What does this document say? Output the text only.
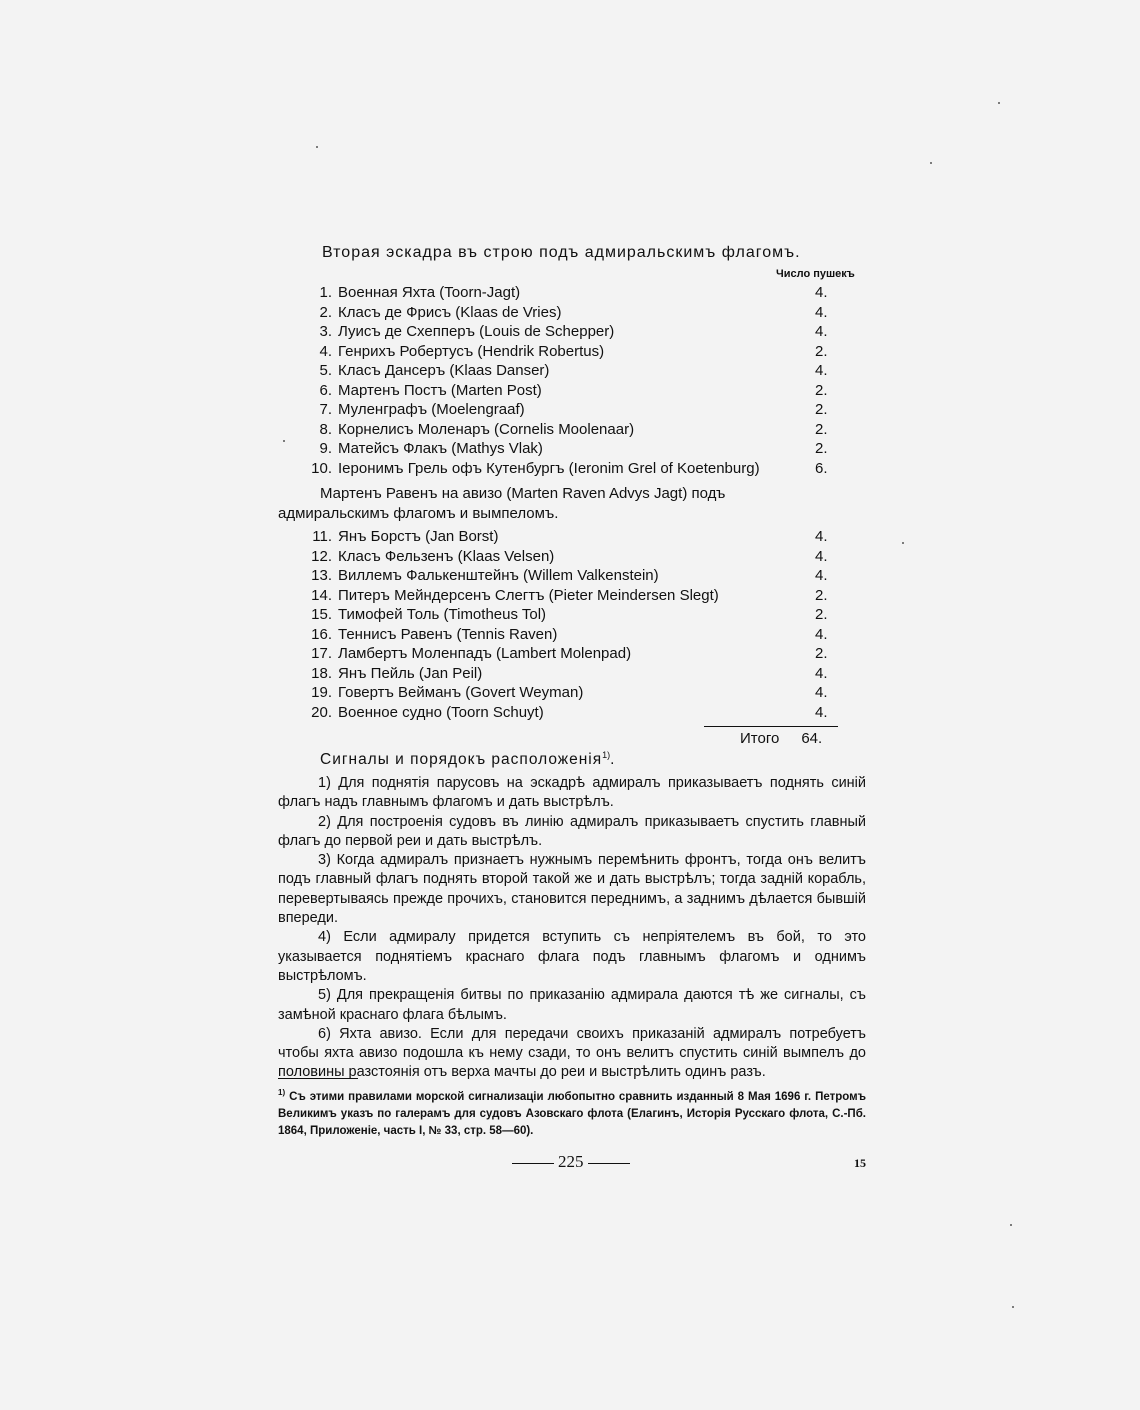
Вторая эскадра въ строю подъ адмиральскимъ флагомъ.
Число пушекъ
1. Военная Яхта (Toorn-Jagt)	4.
2. Класъ де Фрисъ (Klaas de Vries)	4.
3. Луисъ де Схепперъ (Louis de Schepper)	4.
4. Генрихъ Робертусъ (Hendrik Robertus)	2.
5. Класъ Дансеръ (Klaas Danser)	4.
6. Мартенъ Постъ (Marten Post)	2.
7. Муленграфъ (Moelengraaf)	2.
8. Корнелисъ Моленаръ (Cornelis Moolenaar)	2.
9. Матейсъ Флакъ (Mathys Vlak)	2.
10. Іеронимъ Грель офъ Кутенбургъ (Ieronim Grel of Koetenburg)	6.
Мартенъ Равенъ на авизо (Marten Raven Advys Jagt) подъ адмиральскимъ флагомъ и вымпеломъ.
11. Янъ Борстъ (Jan Borst)	4.
12. Класъ Фельзенъ (Klaas Velsen)	4.
13. Виллемъ Фалькенштейнъ (Willem Valkenstein)	4.
14. Питеръ Мейндерсенъ Слегтъ (Pieter Meindersen Slegt)	2.
15. Тимофей Толь (Timotheus Tol)	2.
16. Теннисъ Равенъ (Tennis Raven)	4.
17. Ламбертъ Моленпадъ (Lambert Molenpad)	2.
18. Янъ Пейль (Jan Peil)	4.
19. Говертъ Вейманъ (Govert Weyman)	4.
20. Военное судно (Toorn Schuyt)	4.
Итого 64.
Сигналы и порядокъ расположенія$^{1)}$.

1) Для поднятія парусовъ на эскадрѣ адмиралъ приказываетъ поднять синій флагъ надъ главнымъ флагомъ и дать выстрѣлъ.

2) Для построенія судовъ въ линію адмиралъ приказываетъ спустить главный флагъ до первой реи и дать выстрѣлъ.

3) Когда адмиралъ признаетъ нужнымъ перемѣнить фронтъ, тогда онъ велитъ подъ главный флагъ поднять второй такой же и дать выстрѣлъ; тогда задній корабль, перевертываясь прежде прочихъ, становится переднимъ, а заднимъ дѣлается бывшій впереди.

4) Если адмиралу придется вступить съ непріятелемъ въ бой, то это указывается поднятіемъ краснаго флага подъ главнымъ флагомъ и однимъ выстрѣломъ.

5) Для прекращенія битвы по приказанію адмирала даются тѣ же сигналы, съ замѣной краснаго флага бѣлымъ.

6) Яхта авизо. Если для передачи своихъ приказаній адмиралъ потребуетъ чтобы яхта авизо подошла къ нему сзади, то онъ велитъ спустить синій вымпелъ до половины разстоянія отъ верха мачты до реи и выстрѣлить одинъ разъ.

$^{1)}$ Съ этими правилами морской сигнализаціи любопытно сравнить изданный 8 Мая 1696 г. Петромъ Великимъ указъ по галерамъ для судовъ Азовскаго флота (Елагинъ, Исторія Русскаго флота, С.-Пб. 1864, Приложеніе, часть I, № 33, стр. 58—60).
225	15
